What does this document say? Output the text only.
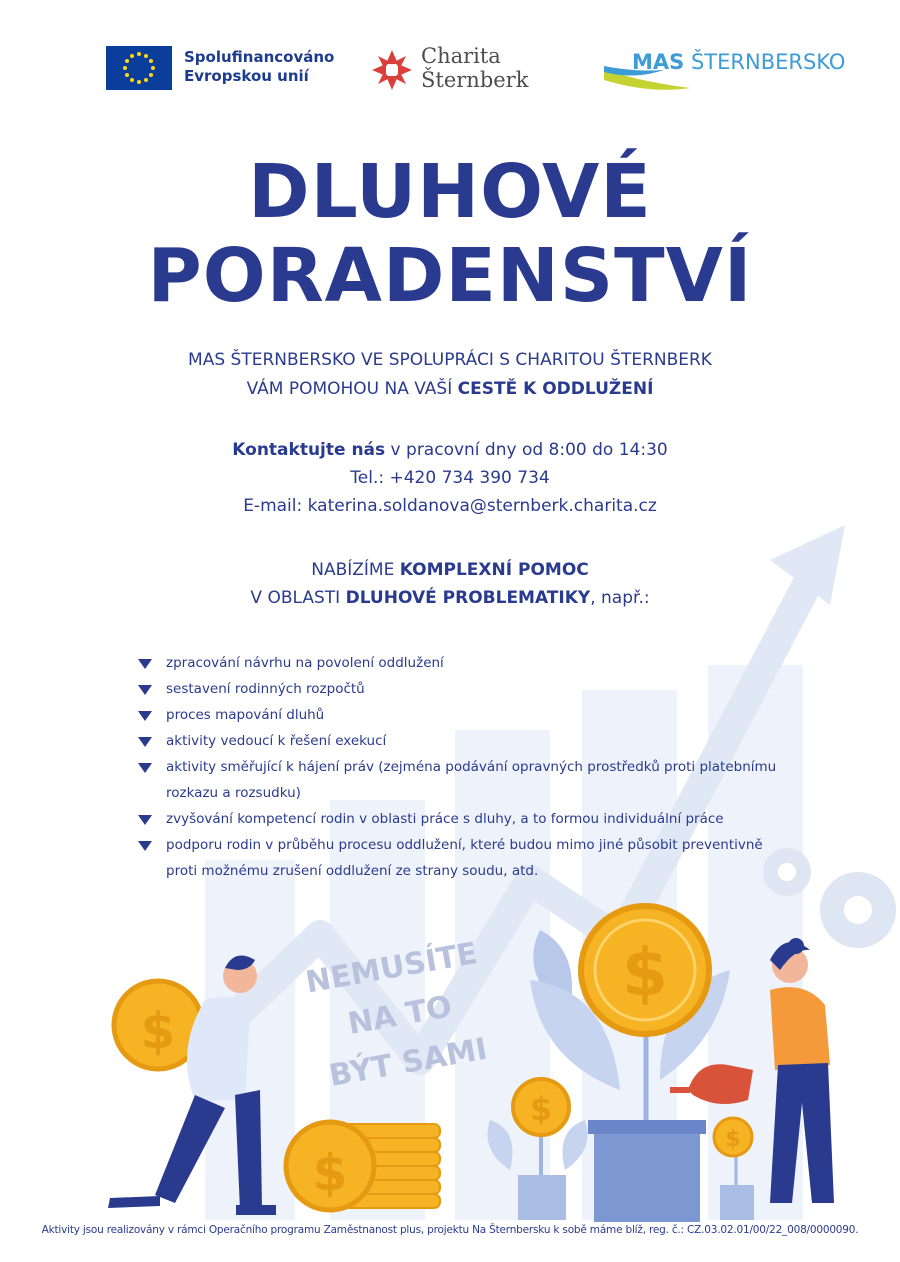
$
$
$
$
$
Spolufinancováno
Evropskou unií
Charita
Šternberk
MAS ŠTERNBERSKO
DLUHOVÉ
PORADENSTVÍ
MAS ŠTERNBERSKO VE SPOLUPRÁCI S CHARITOU ŠTERNBERK
VÁM POMOHOU NA VAŠÍ CESTĚ K ODDLUŽENÍ
Kontaktujte nás v pracovní dny od 8:00 do 14:30
Tel.: +420 734 390 734
E-mail: katerina.soldanova@sternberk.charita.cz
NABÍZÍME KOMPLEXNÍ POMOC
V OBLASTI DLUHOVÉ PROBLEMATIKY, např.:
zpracování návrhu na povolení oddlužení
sestavení rodinných rozpočtů
proces mapování dluhů
aktivity vedoucí k řešení exekucí
aktivity směřující k hájení práv (zejména podávání opravných prostředků proti platebnímu rozkazu a rozsudku)
zvyšování kompetencí rodin v oblasti práce s dluhy, a to formou individuální práce
podporu rodin v průběhu procesu oddlužení, které budou mimo jiné působit preventivně proti možnému zrušení oddlužení ze strany soudu, atd.
NEMUSÍTE
NA TO
BÝT SAMI
Aktivity jsou realizovány v rámci Operačního programu Zaměstnanost plus, projektu Na Šternbersku k sobě máme blíž, reg. č.: CZ.03.02.01/00/22_008/0000090.
